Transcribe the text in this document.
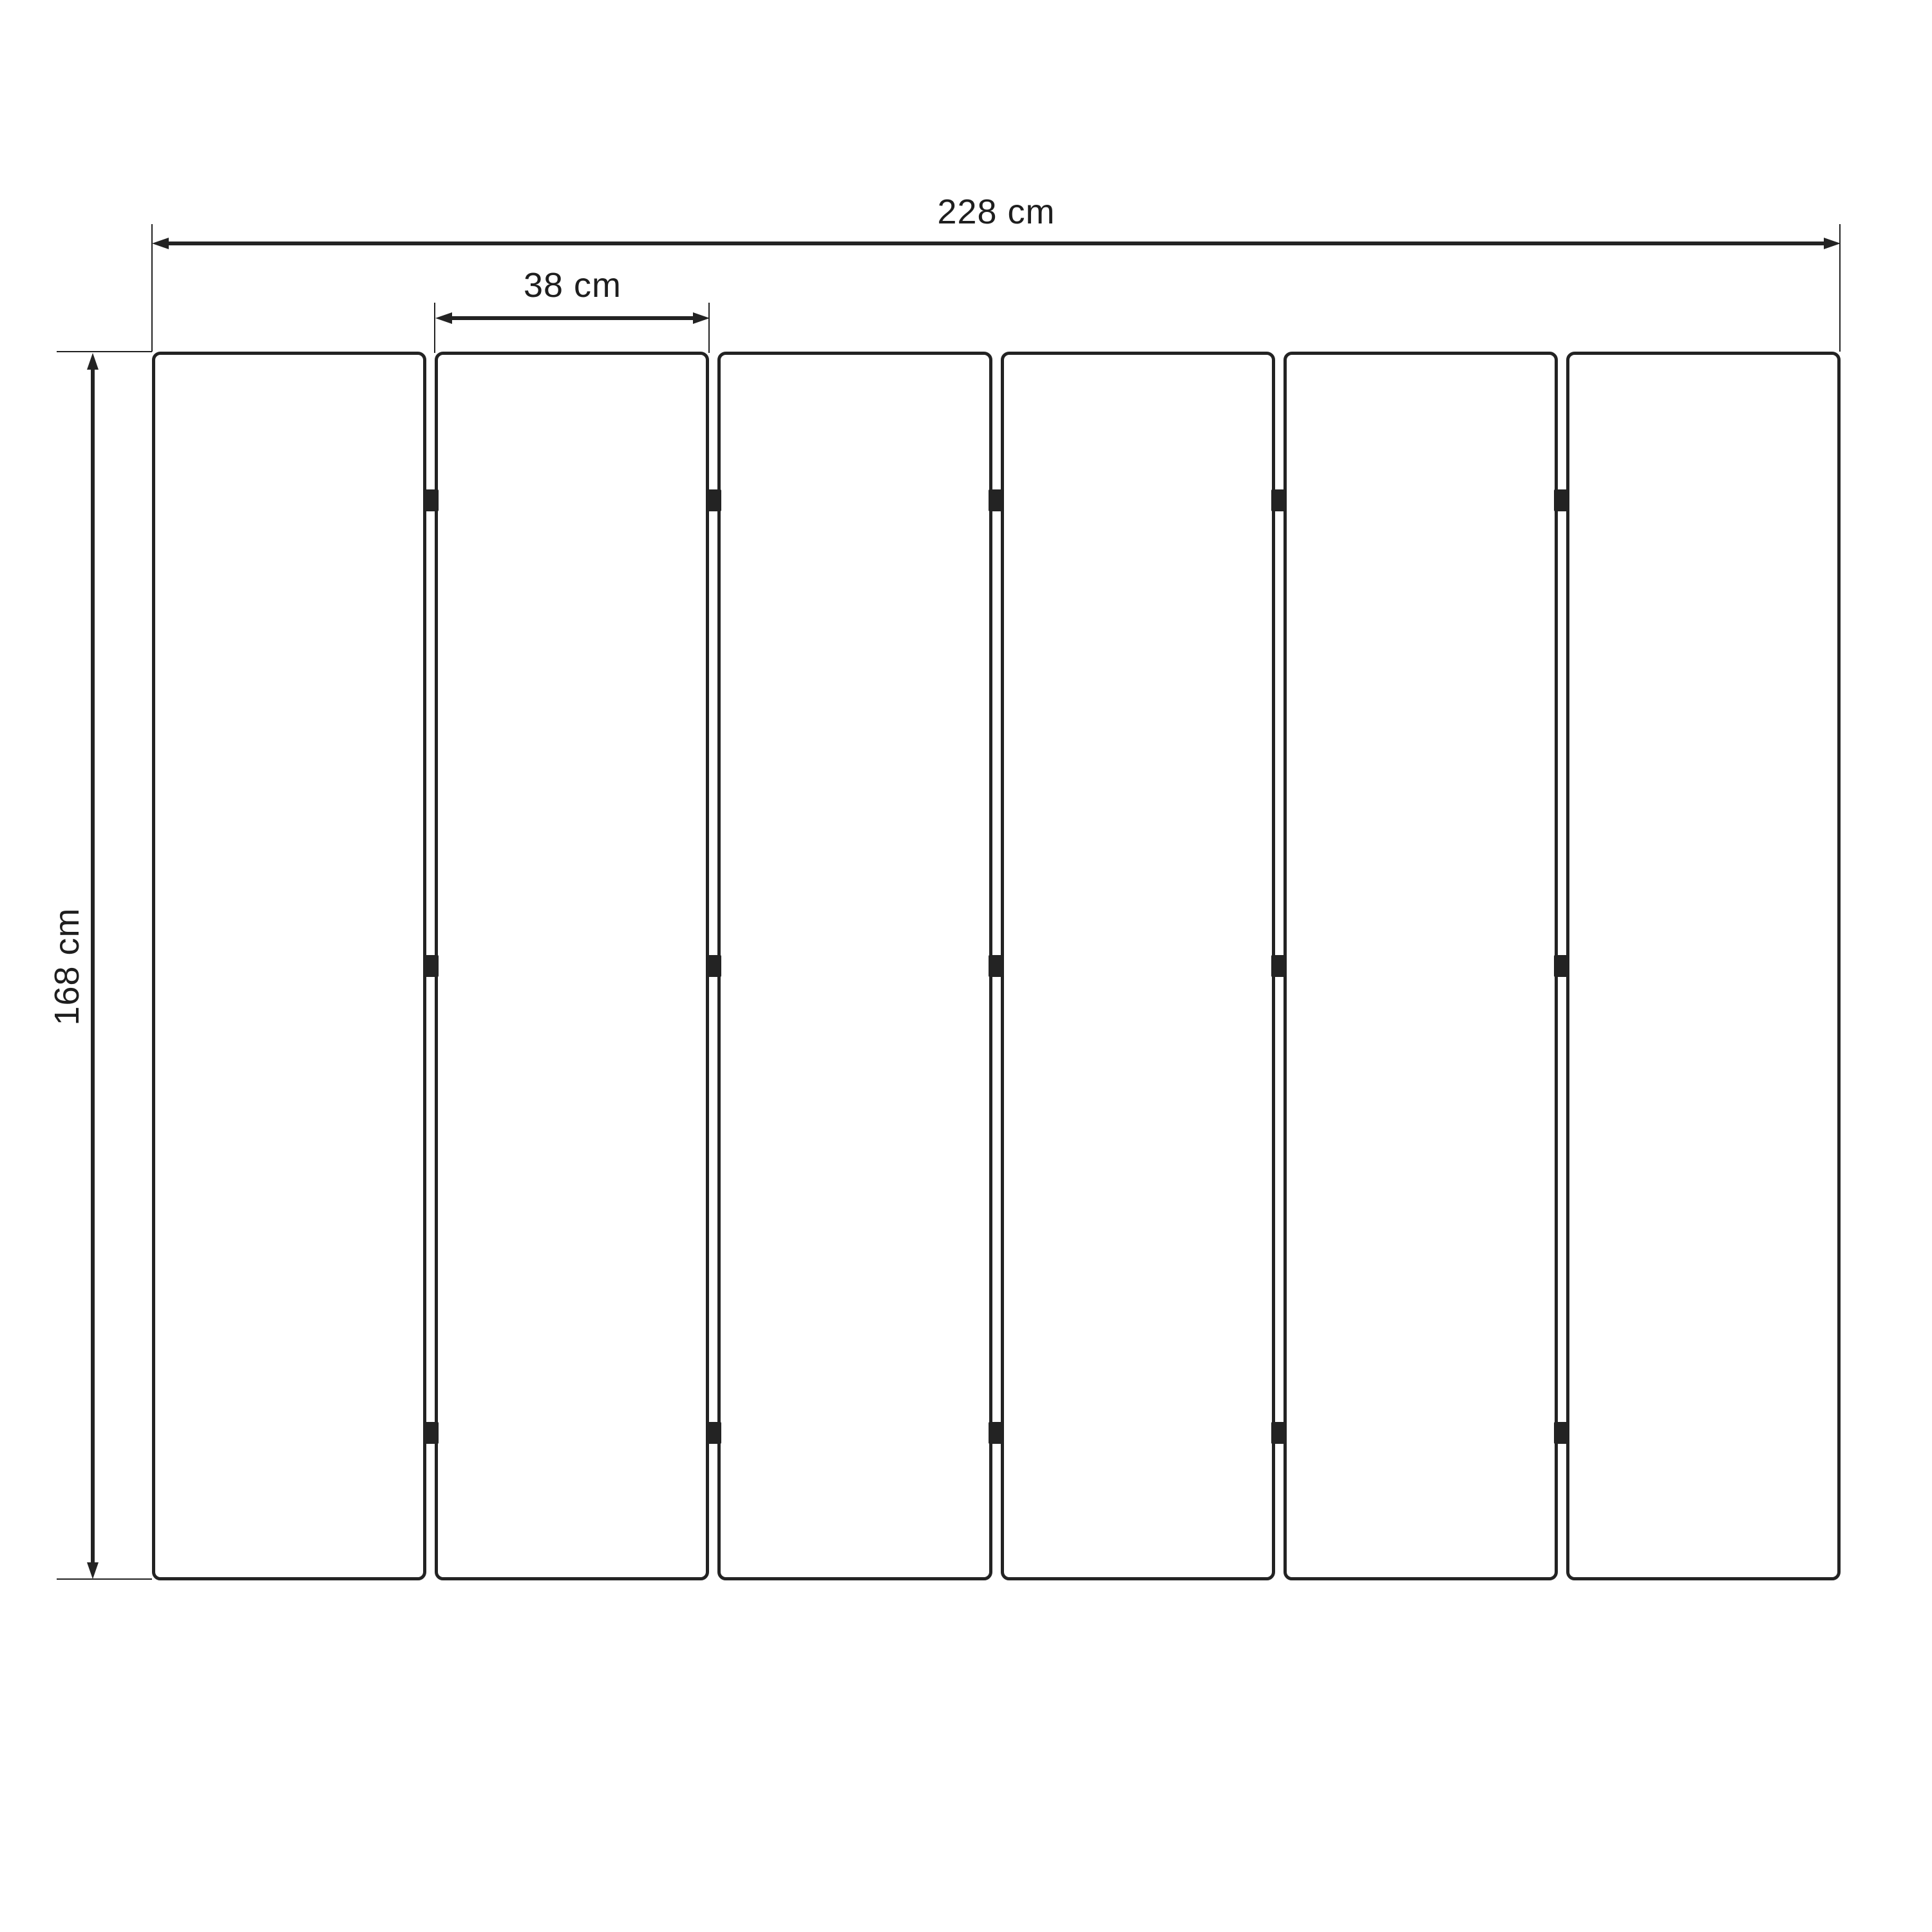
228 cm
38 cm
168 cm
